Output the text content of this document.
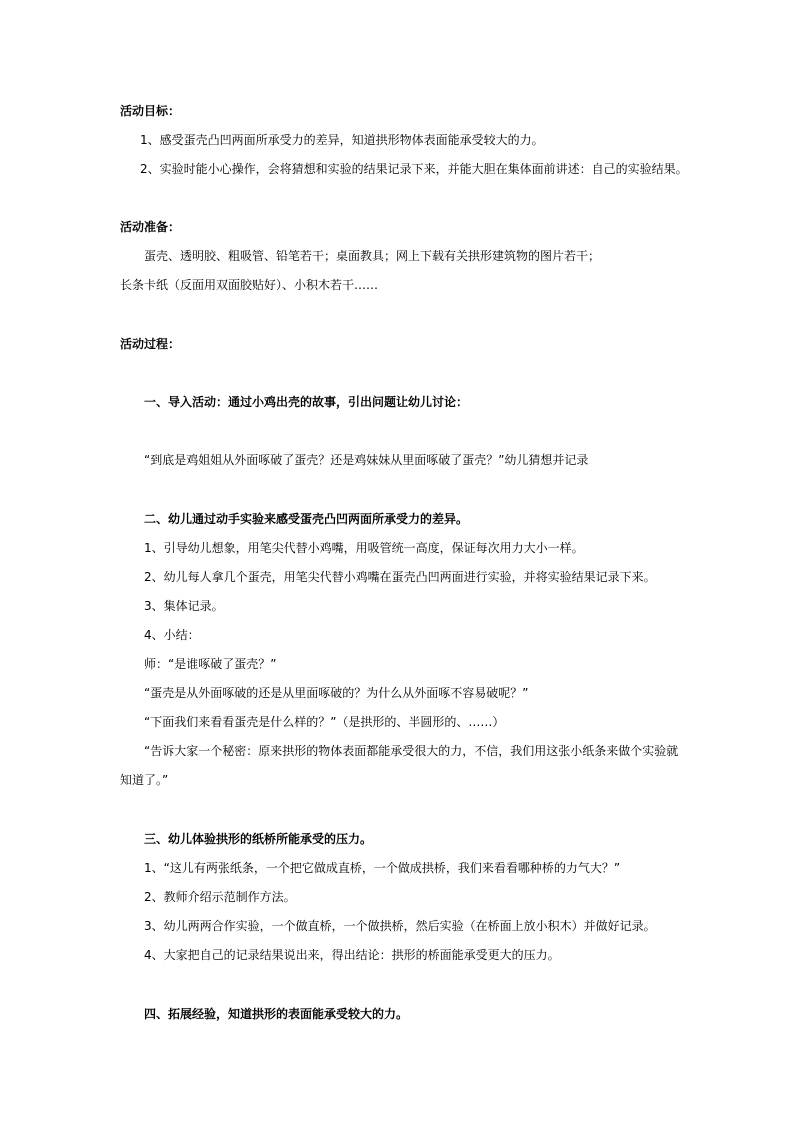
活动目标：
1、感受蛋壳凸凹两面所承受力的差异，知道拱形物体表面能承受较大的力。
2、实验时能小心操作，会将猜想和实验的结果记录下来，并能大胆在集体面前讲述：自己的实验结果。
活动准备：
蛋壳、透明胶、粗吸管、铅笔若干；桌面教具；网上下载有关拱形建筑物的图片若干；
长条卡纸（反面用双面胶贴好）、小积木若干……
活动过程：
一、导入活动：通过小鸡出壳的故事，引出问题让幼儿讨论：
“到底是鸡姐姐从外面啄破了蛋壳？还是鸡妹妹从里面啄破了蛋壳？”幼儿猜想并记录
二、幼儿通过动手实验来感受蛋壳凸凹两面所承受力的差异。
1、引导幼儿想象，用笔尖代替小鸡嘴，用吸管统一高度，保证每次用力大小一样。
2、幼儿每人拿几个蛋壳，用笔尖代替小鸡嘴在蛋壳凸凹两面进行实验，并将实验结果记录下来。
3、集体记录。
4、小结：
师：“是谁啄破了蛋壳？”
“蛋壳是从外面啄破的还是从里面啄破的？为什么从外面啄不容易破呢？”
“下面我们来看看蛋壳是什么样的？”（是拱形的、半圆形的、……）
“告诉大家一个秘密：原来拱形的物体表面都能承受很大的力，不信，我们用这张小纸条来做个实验就
知道了。”
三、幼儿体验拱形的纸桥所能承受的压力。
1、“这儿有两张纸条，一个把它做成直桥，一个做成拱桥，我们来看看哪种桥的力气大？”
2、教师介绍示范制作方法。
3、幼儿两两合作实验，一个做直桥，一个做拱桥，然后实验（在桥面上放小积木）并做好记录。
4、大家把自己的记录结果说出来，得出结论：拱形的桥面能承受更大的压力。
四、拓展经验，知道拱形的表面能承受较大的力。
